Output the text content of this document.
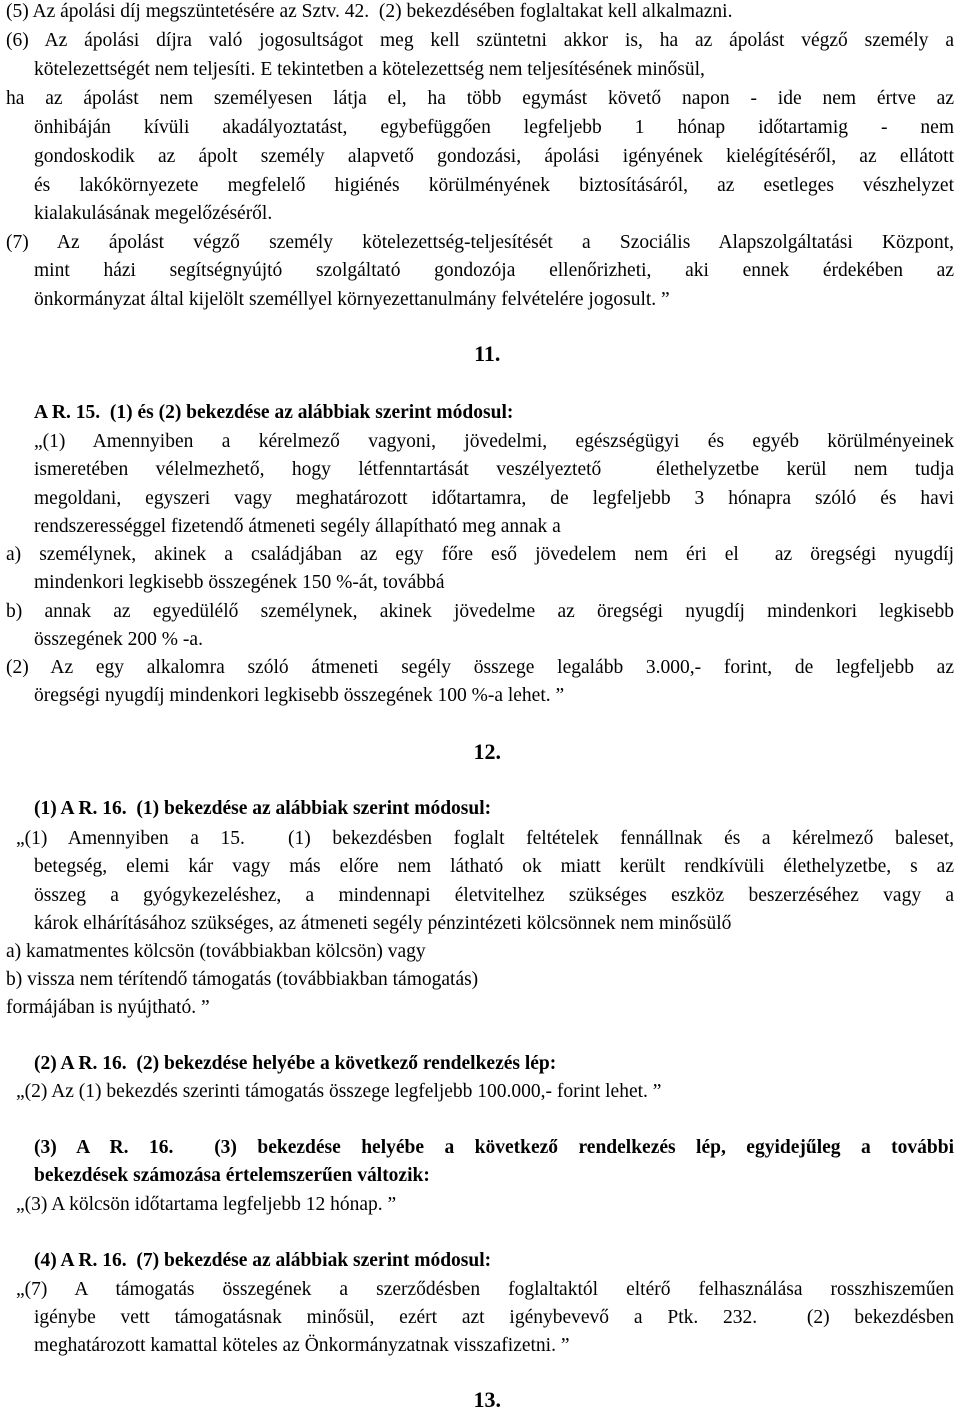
(5) Az ápolási díj megszüntetésére az Sztv. 42.  (2) bekezdésében foglaltakat kell alkalmazni.
(6) Az ápolási díjra való jogosultságot meg kell szüntetni akkor is, ha az ápolást végző személy a
kötelezettségét nem teljesíti. E tekintetben a kötelezettség nem teljesítésének minősül,
ha az ápolást nem személyesen látja el, ha több egymást követő napon - ide nem értve az
önhibáján kívüli akadályoztatást, egybefüggően legfeljebb 1 hónap időtartamig - nem
gondoskodik az ápolt személy alapvető gondozási, ápolási igényének kielégítéséről, az ellátott
és lakókörnyezete megfelelő higiénés körülményének biztosításáról, az esetleges vészhelyzet
kialakulásának megelőzéséről.
(7) Az ápolást végző személy kötelezettség-teljesítését a Szociális Alapszolgáltatási Központ,
mint házi segítségnyújtó szolgáltató gondozója ellenőrizheti, aki ennek érdekében az
önkormányzat által kijelölt személlyel környezettanulmány felvételére jogosult. ”
11.
A R. 15.  (1) és (2) bekezdése az alábbiak szerint módosul:
„(1) Amennyiben a kérelmező vagyoni, jövedelmi, egészségügyi és egyéb körülményeinek
ismeretében vélelmezhető, hogy létfenntartását veszélyeztető  élethelyzetbe kerül nem tudja
megoldani, egyszeri vagy meghatározott időtartamra, de legfeljebb 3 hónapra szóló és havi
rendszerességgel fizetendő átmeneti segély állapítható meg annak a
a) személynek, akinek a családjában az egy főre eső jövedelem nem éri el  az öregségi nyugdíj
mindenkori legkisebb összegének 150 %-át, továbbá
b) annak az egyedülélő személynek, akinek jövedelme az öregségi nyugdíj mindenkori legkisebb
összegének 200 % -a.
(2) Az egy alkalomra szóló átmeneti segély összege legalább 3.000,- forint, de legfeljebb az
öregségi nyugdíj mindenkori legkisebb összegének 100 %-a lehet. ”
12.
(1) A R. 16.  (1) bekezdése az alábbiak szerint módosul:
„(1) Amennyiben a 15.  (1) bekezdésben foglalt feltételek fennállnak és a kérelmező baleset,
betegség, elemi kár vagy más előre nem látható ok miatt került rendkívüli élethelyzetbe, s az
összeg a gyógykezeléshez, a mindennapi életvitelhez szükséges eszköz beszerzéséhez vagy a
károk elhárításához szükséges, az átmeneti segély pénzintézeti kölcsönnek nem minősülő
a) kamatmentes kölcsön (továbbiakban kölcsön) vagy
b) vissza nem térítendő támogatás (továbbiakban támogatás)
formájában is nyújtható. ”
(2) A R. 16.  (2) bekezdése helyébe a következő rendelkezés lép:
„(2) Az (1) bekezdés szerinti támogatás összege legfeljebb 100.000,- forint lehet. ”
(3) A R. 16.  (3) bekezdése helyébe a következő rendelkezés lép, egyidejűleg a további
bekezdések számozása értelemszerűen változik:
„(3) A kölcsön időtartama legfeljebb 12 hónap. ”
(4) A R. 16.  (7) bekezdése az alábbiak szerint módosul:
„(7) A támogatás összegének a szerződésben foglaltaktól eltérő felhasználása rosszhiszeműen
igénybe vett támogatásnak minősül, ezért azt igénybevevő a Ptk. 232.  (2) bekezdésben
meghatározott kamattal köteles az Önkormányzatnak visszafizetni. ”
13.
